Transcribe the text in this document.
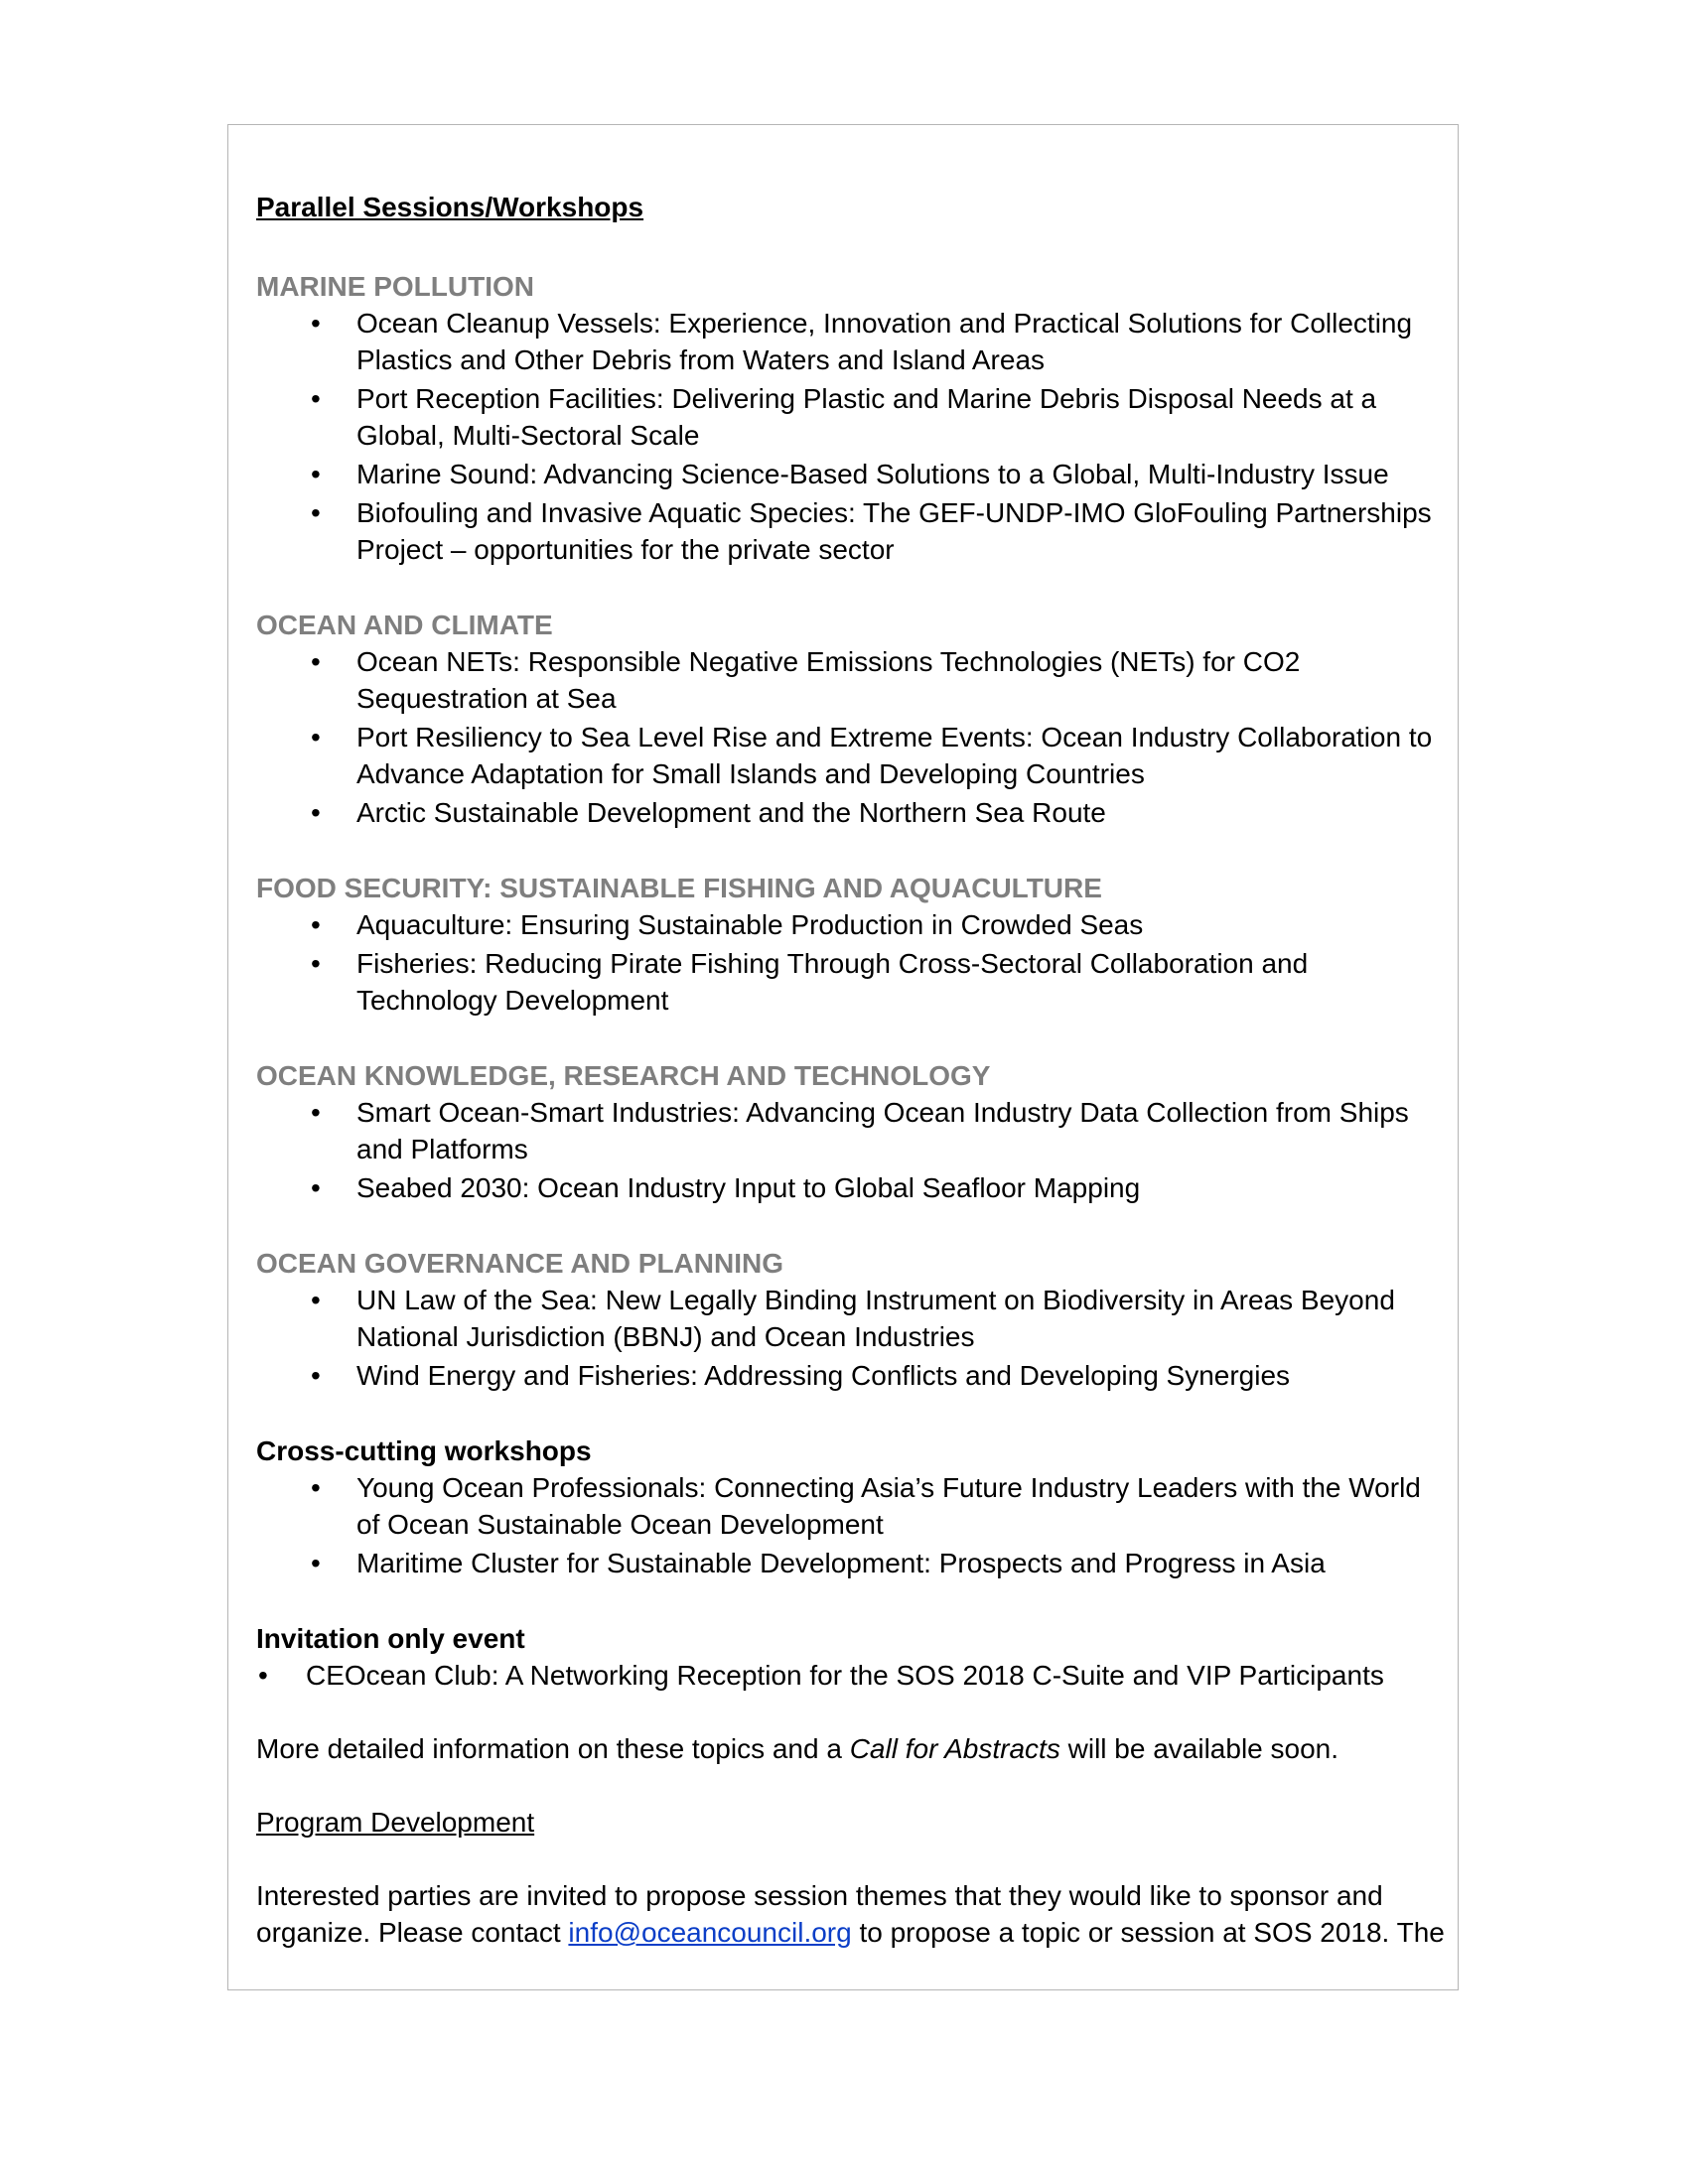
Parallel Sessions/Workshops

MARINE POLLUTION

• Ocean Cleanup Vessels: Experience, Innovation and Practical Solutions for Collecting Plastics and Other Debris from Waters and Island Areas
• Port Reception Facilities: Delivering Plastic and Marine Debris Disposal Needs at a Global, Multi-Sectoral Scale
• Marine Sound: Advancing Science-Based Solutions to a Global, Multi-Industry Issue
• Biofouling and Invasive Aquatic Species: The GEF-UNDP-IMO GloFouling Partnerships Project – opportunities for the private sector

OCEAN AND CLIMATE

• Ocean NETs: Responsible Negative Emissions Technologies (NETs) for CO2 Sequestration at Sea
• Port Resiliency to Sea Level Rise and Extreme Events: Ocean Industry Collaboration to Advance Adaptation for Small Islands and Developing Countries
• Arctic Sustainable Development and the Northern Sea Route

FOOD SECURITY: SUSTAINABLE FISHING AND AQUACULTURE

• Aquaculture: Ensuring Sustainable Production in Crowded Seas
• Fisheries: Reducing Pirate Fishing Through Cross-Sectoral Collaboration and Technology Development

OCEAN KNOWLEDGE, RESEARCH AND TECHNOLOGY

• Smart Ocean-Smart Industries: Advancing Ocean Industry Data Collection from Ships and Platforms
• Seabed 2030: Ocean Industry Input to Global Seafloor Mapping

OCEAN GOVERNANCE AND PLANNING

• UN Law of the Sea: New Legally Binding Instrument on Biodiversity in Areas Beyond National Jurisdiction (BBNJ) and Ocean Industries
• Wind Energy and Fisheries: Addressing Conflicts and Developing Synergies

Cross-cutting workshops

• Young Ocean Professionals: Connecting Asia’s Future Industry Leaders with the World of Ocean Sustainable Ocean Development
• Maritime Cluster for Sustainable Development: Prospects and Progress in Asia

Invitation only event

• CEOcean Club: A Networking Reception for the SOS 2018 C-Suite and VIP Participants

More detailed information on these topics and a Call for Abstracts will be available soon.

Program Development

Interested parties are invited to propose session themes that they would like to sponsor and organize. Please contact info@oceancouncil.org to propose a topic or session at SOS 2018. The
